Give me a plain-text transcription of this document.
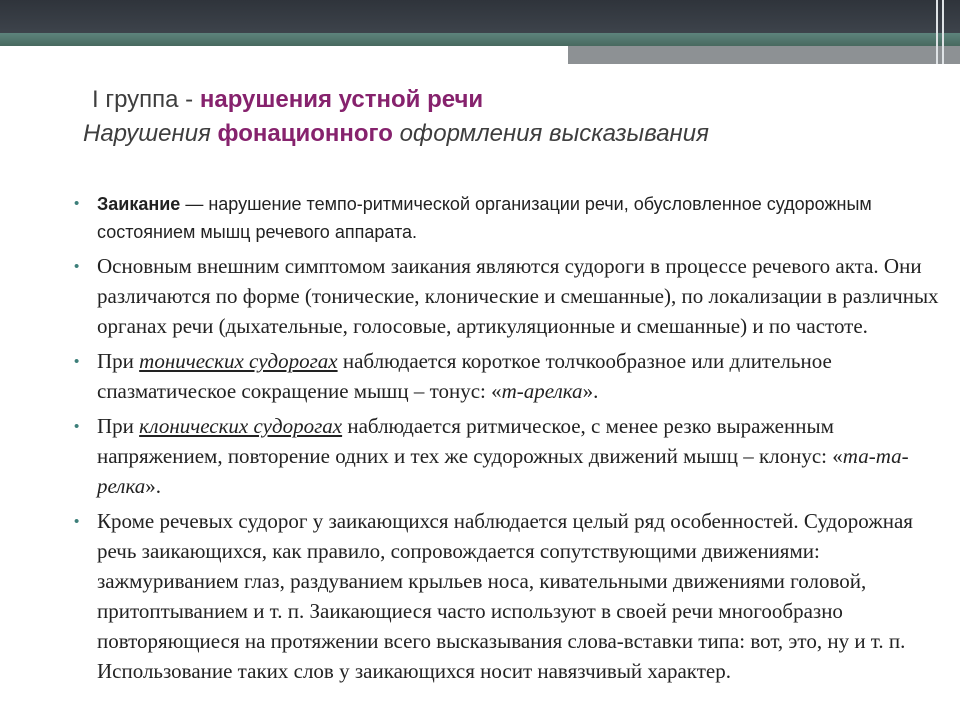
I группа - нарушения устной речи
Нарушения фонационного оформления высказывания
• Заикание — нарушение темпо-ритмической организации речи, обусловленное судорожным состоянием мышц речевого аппарата.
• Основным внешним симптомом заикания являются судороги в процессе речевого акта. Они различаются по форме (тонические, клонические и смешанные), по локализации в различных органах речи (дыхательные, голосовые, артикуляционные и смешанные) и по частоте.
• При тонических судорогах наблюдается короткое толчкообразное или длительное спазматическое сокращение мышц – тонус: «т-арелка».
• При клонических судорогах наблюдается ритмическое, с менее резко выраженным напряжением, повторение одних и тех же судорожных движений мышц – клонус: «та-та-релка».
• Кроме речевых судорог у заикающихся наблюдается целый ряд особенностей. Судорожная речь заикающихся, как правило, сопровождается сопутствующими движениями: зажмуриванием глаз, раздуванием крыльев носа, кивательными движениями головой, притоптыванием и т. п. Заикающиеся часто используют в своей речи многообразно повторяющиеся на протяжении всего высказывания слова-вставки типа: вот, это, ну и т. п. Использование таких слов у заикающихся носит навязчивый характер.
